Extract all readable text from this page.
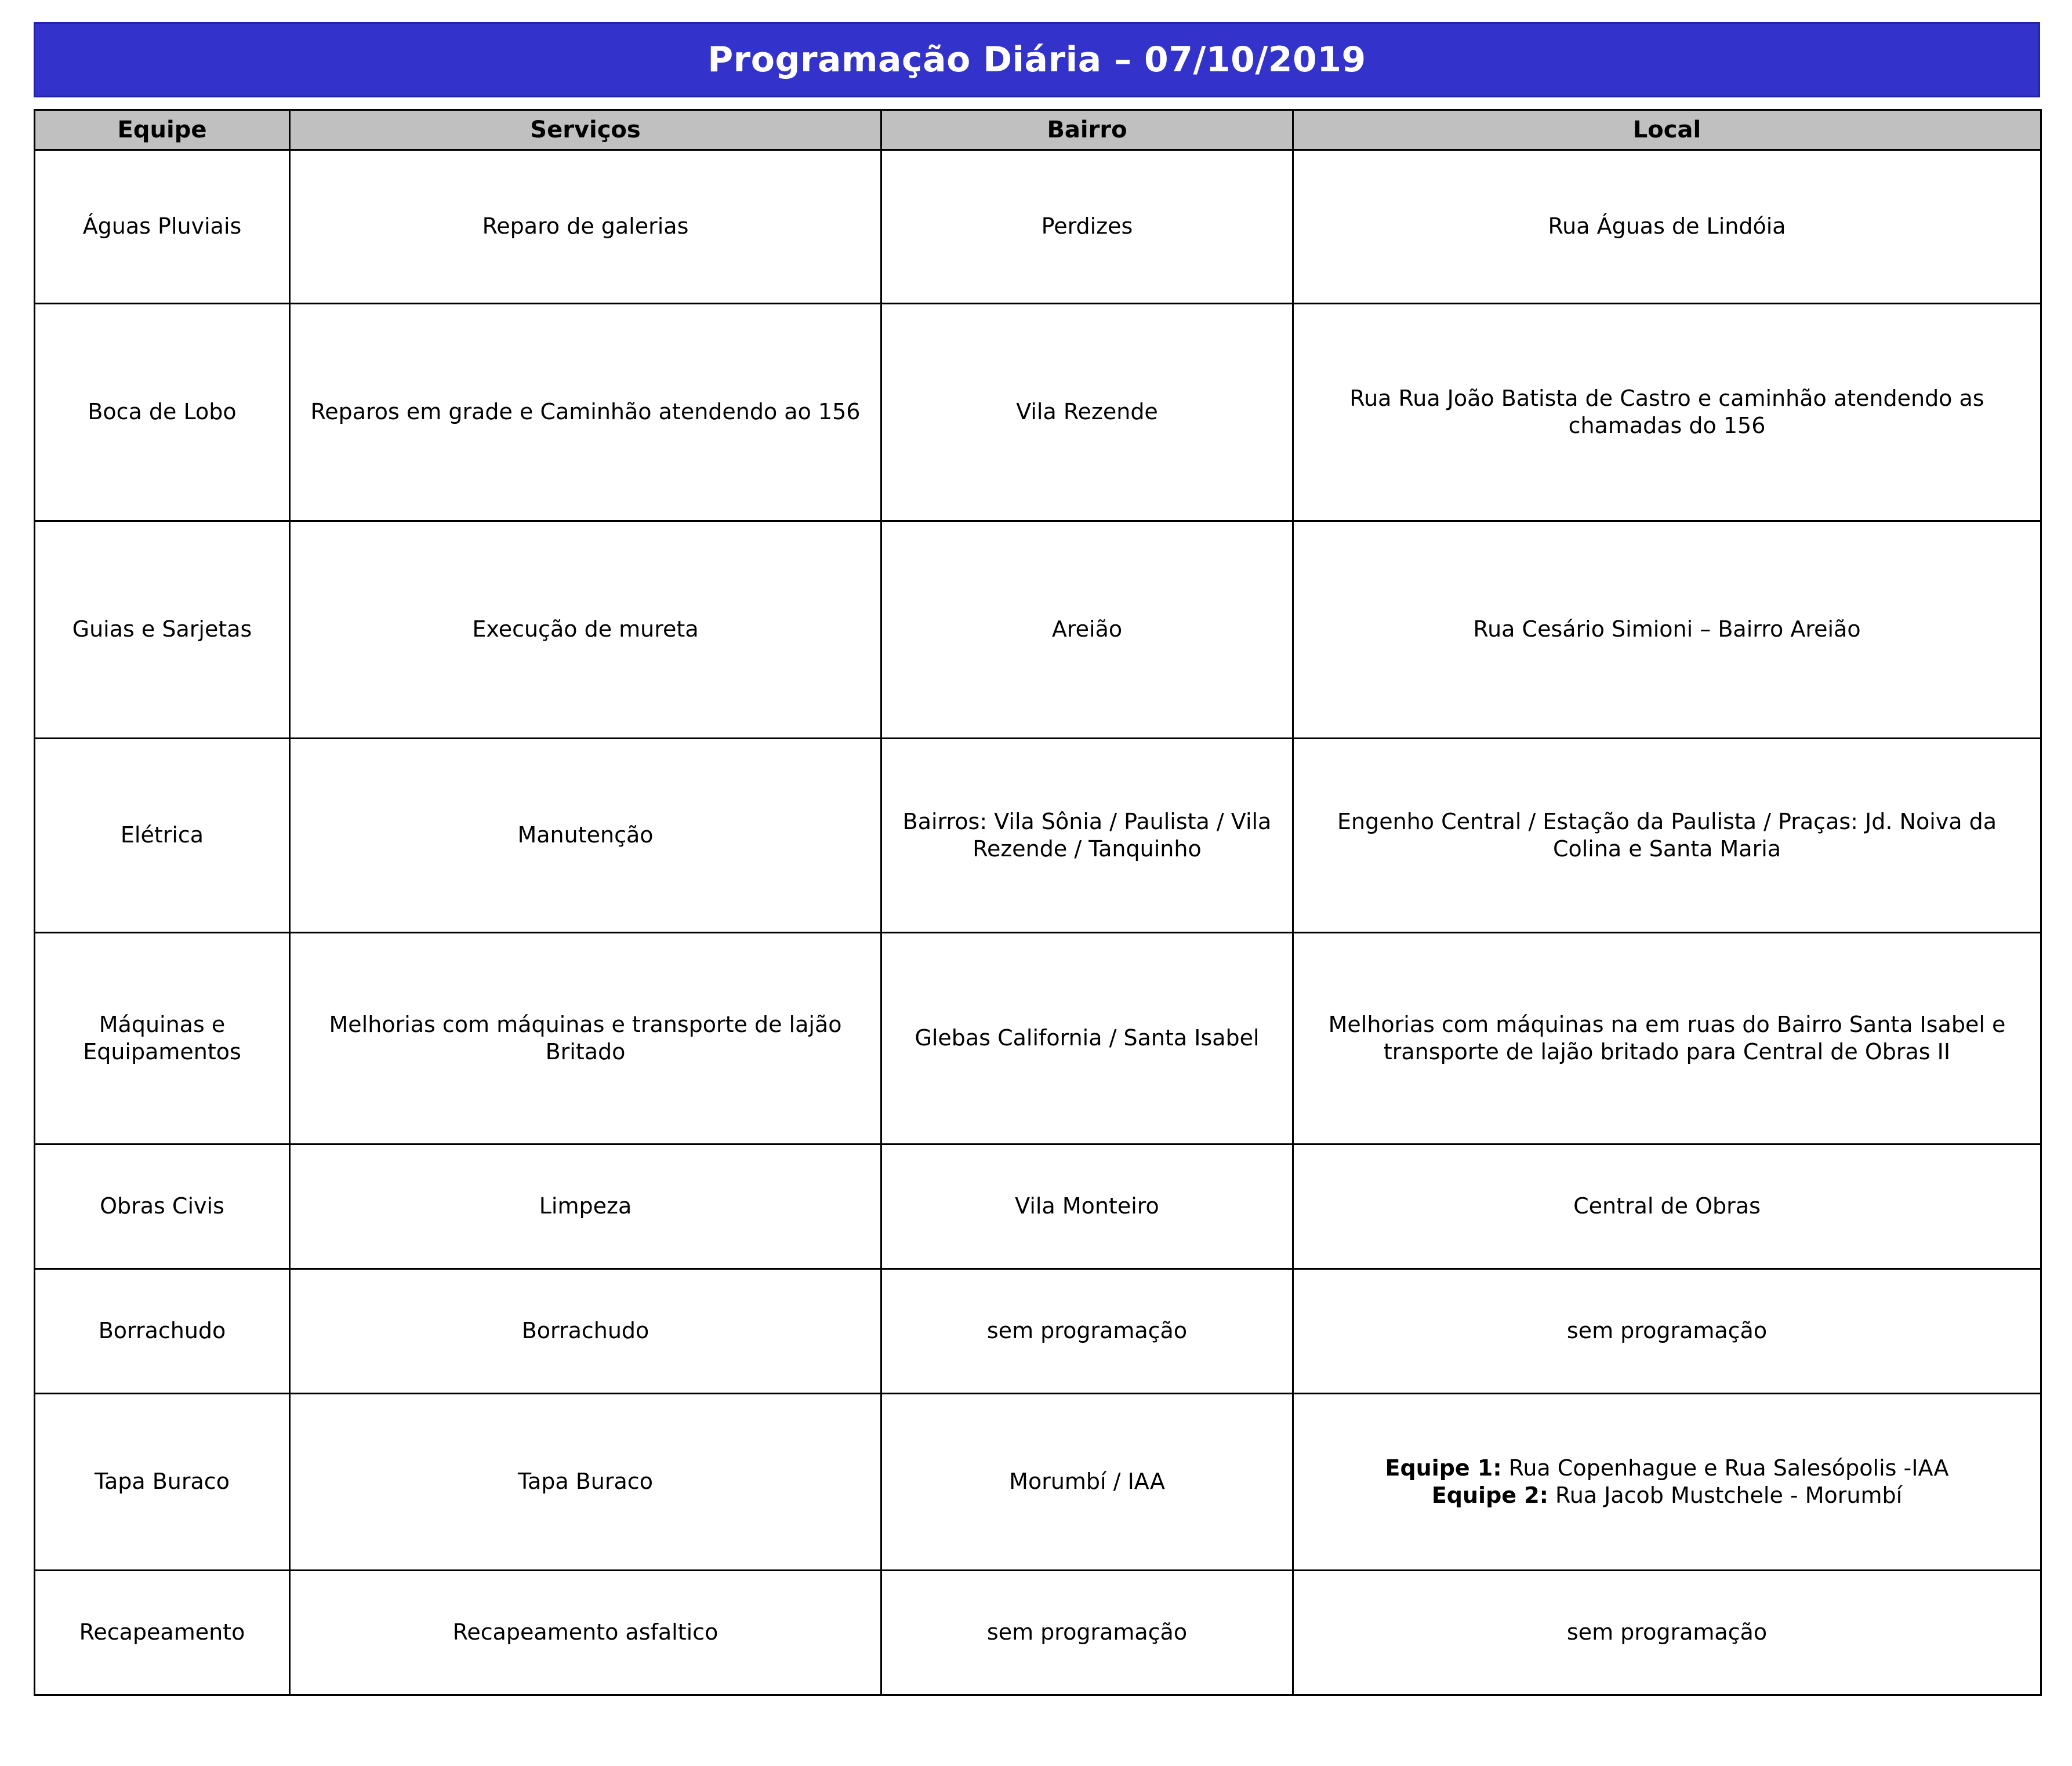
Programação Diária – 07/10/2019
Equipe	Serviços	Bairro	Local
Águas Pluviais	Reparo de galerias	Perdizes	Rua Águas de Lindóia
Boca de Lobo	Reparos em grade e Caminhão atendendo ao 156	Vila Rezende	Rua Rua João Batista de Castro e caminhão atendendo as chamadas do 156
Guias e Sarjetas	Execução de mureta	Areião	Rua Cesário Simioni – Bairro Areião
Elétrica	Manutenção	Bairros: Vila Sônia / Paulista / Vila Rezende / Tanquinho	Engenho Central / Estação da Paulista / Praças: Jd. Noiva da Colina e Santa Maria
Máquinas e Equipamentos	Melhorias com máquinas e transporte de lajão Britado	Glebas California / Santa Isabel	Melhorias com máquinas na em ruas do Bairro Santa Isabel e transporte de lajão britado para Central de Obras II
Obras Civis	Limpeza	Vila Monteiro	Central de Obras
Borrachudo	Borrachudo	sem programação	sem programação
Tapa Buraco	Tapa Buraco	Morumbí / IAA	Equipe 1: Rua Copenhague e Rua Salesópolis -IAA
Equipe 2: Rua Jacob Mustchele - Morumbí

Recapeamento	Recapeamento asfaltico	sem programação	sem programação
